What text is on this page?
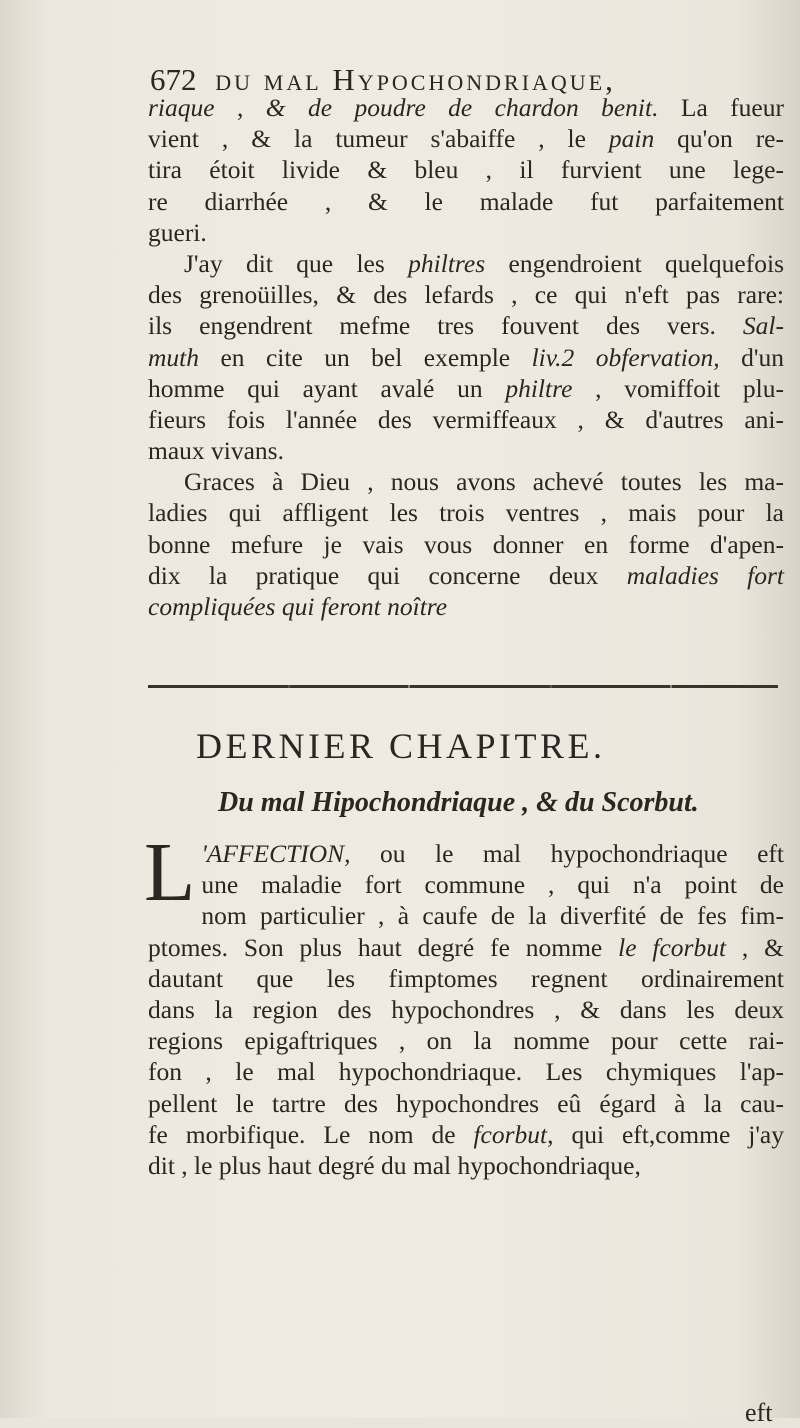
672 du mal Hypochondriaque,
riaque , & de poudre de chardon benit. La fueur
vient , & la tumeur s'abaiffe , le pain qu'on re-
tira étoit livide & bleu , il furvient une lege-
re diarrhée , & le malade fut parfaitement
gueri.
J'ay dit que les philtres engendroient quelquefois
des grenoüilles, & des lefards , ce qui n'eft pas rare:
ils engendrent mefme tres fouvent des vers. Sal-
muth en cite un bel exemple liv.2 obfervation, d'un
homme qui ayant avalé un philtre , vomiffoit plu-
fieurs fois l'année des vermiffeaux , & d'autres ani-
maux vivans.
Graces à Dieu , nous avons achevé toutes les ma-
ladies qui affligent les trois ventres , mais pour la
bonne mefure je vais vous donner en forme d'apen-
dix la pratique qui concerne deux maladies fort
compliquées qui feront noître
DERNIER CHAPITRE.
Du mal Hipochondriaque , & du Scorbut.
L 'AFFECTION, ou le mal hypochondriaque eft
une maladie fort commune , qui n'a point de
nom particulier , à caufe de la diverfité de fes fim-
ptomes. Son plus haut degré fe nomme le fcorbut , &
dautant que les fimptomes regnent ordinairement
dans la region des hypochondres , & dans les deux
regions epigaftriques , on la nomme pour cette rai-
fon , le mal hypochondriaque. Les chymiques l'ap-
pellent le tartre des hypochondres eû égard à la cau-
fe morbifique. Le nom de fcorbut, qui eft,comme j'ay
dit , le plus haut degré du mal hypochondriaque,
eft
